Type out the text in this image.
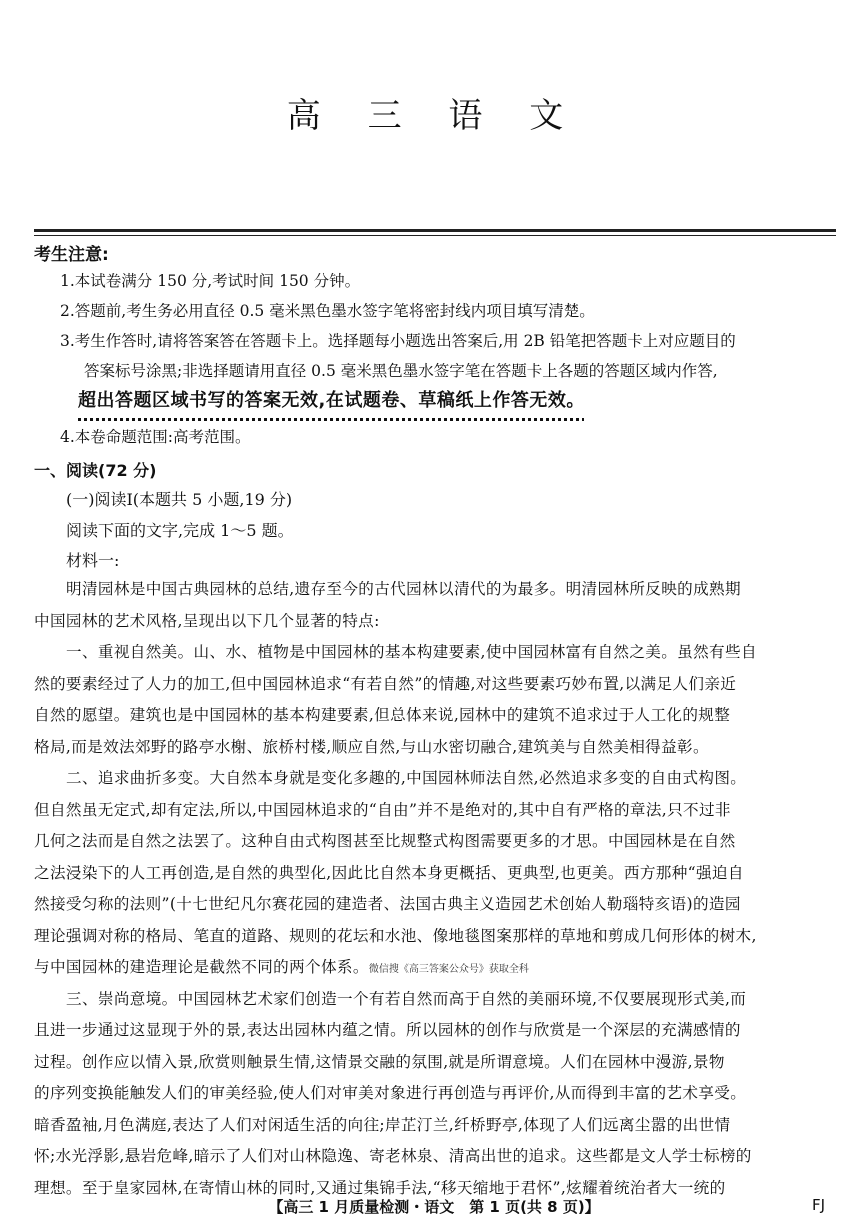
高 三 语 文
考生注意:
1.本试卷满分 150 分,考试时间 150 分钟。
2.答题前,考生务必用直径 0.5 毫米黑色墨水签字笔将密封线内项目填写清楚。
3.考生作答时,请将答案答在答题卡上。选择题每小题选出答案后,用 2B 铅笔把答题卡上对应题目的
答案标号涂黑;非选择题请用直径 0.5 毫米黑色墨水签字笔在答题卡上各题的答题区域内作答,
超出答题区域书写的答案无效,在试题卷、草稿纸上作答无效。
4.本卷命题范围:高考范围。
一、阅读(72 分)
(一)阅读Ⅰ(本题共 5 小题,19 分)
阅读下面的文字,完成 1～5 题。
材料一:
明清园林是中国古典园林的总结,遗存至今的古代园林以清代的为最多。明清园林所反映的成熟期
中国园林的艺术风格,呈现出以下几个显著的特点:
一、重视自然美。山、水、植物是中国园林的基本构建要素,使中国园林富有自然之美。虽然有些自
然的要素经过了人力的加工,但中国园林追求“有若自然”的情趣,对这些要素巧妙布置,以满足人们亲近
自然的愿望。建筑也是中国园林的基本构建要素,但总体来说,园林中的建筑不追求过于人工化的规整
格局,而是效法郊野的路亭水榭、旅桥村楼,顺应自然,与山水密切融合,建筑美与自然美相得益彰。
二、追求曲折多变。大自然本身就是变化多趣的,中国园林师法自然,必然追求多变的自由式构图。
但自然虽无定式,却有定法,所以,中国园林追求的“自由”并不是绝对的,其中自有严格的章法,只不过非
几何之法而是自然之法罢了。这种自由式构图甚至比规整式构图需要更多的才思。中国园林是在自然
之法浸染下的人工再创造,是自然的典型化,因此比自然本身更概括、更典型,也更美。西方那种“强迫自
然接受匀称的法则”(十七世纪凡尔赛花园的建造者、法国古典主义造园艺术创始人勒瑙特亥语)的造园
理论强调对称的格局、笔直的道路、规则的花坛和水池、像地毯图案那样的草地和剪成几何形体的树木,
与中国园林的建造理论是截然不同的两个体系。微信搜《高三答案公众号》获取全科
三、崇尚意境。中国园林艺术家们创造一个有若自然而高于自然的美丽环境,不仅要展现形式美,而
且进一步通过这显现于外的景,表达出园林内蕴之情。所以园林的创作与欣赏是一个深层的充满感情的
过程。创作应以情入景,欣赏则触景生情,这情景交融的氛围,就是所谓意境。人们在园林中漫游,景物
的序列变换能触发人们的审美经验,使人们对审美对象进行再创造与再评价,从而得到丰富的艺术享受。
暗香盈袖,月色满庭,表达了人们对闲适生活的向往;岸芷汀兰,纤桥野亭,体现了人们远离尘嚣的出世情
怀;水光浮影,悬岩危峰,暗示了人们对山林隐逸、寄老林泉、清高出世的追求。这些都是文人学士标榜的
理想。至于皇家园林,在寄情山林的同时,又通过集锦手法,“移天缩地于君怀”,炫耀着统治者大一统的
【高三 1 月质量检测・语文　第 1 页(共 8 页)】	FJ
